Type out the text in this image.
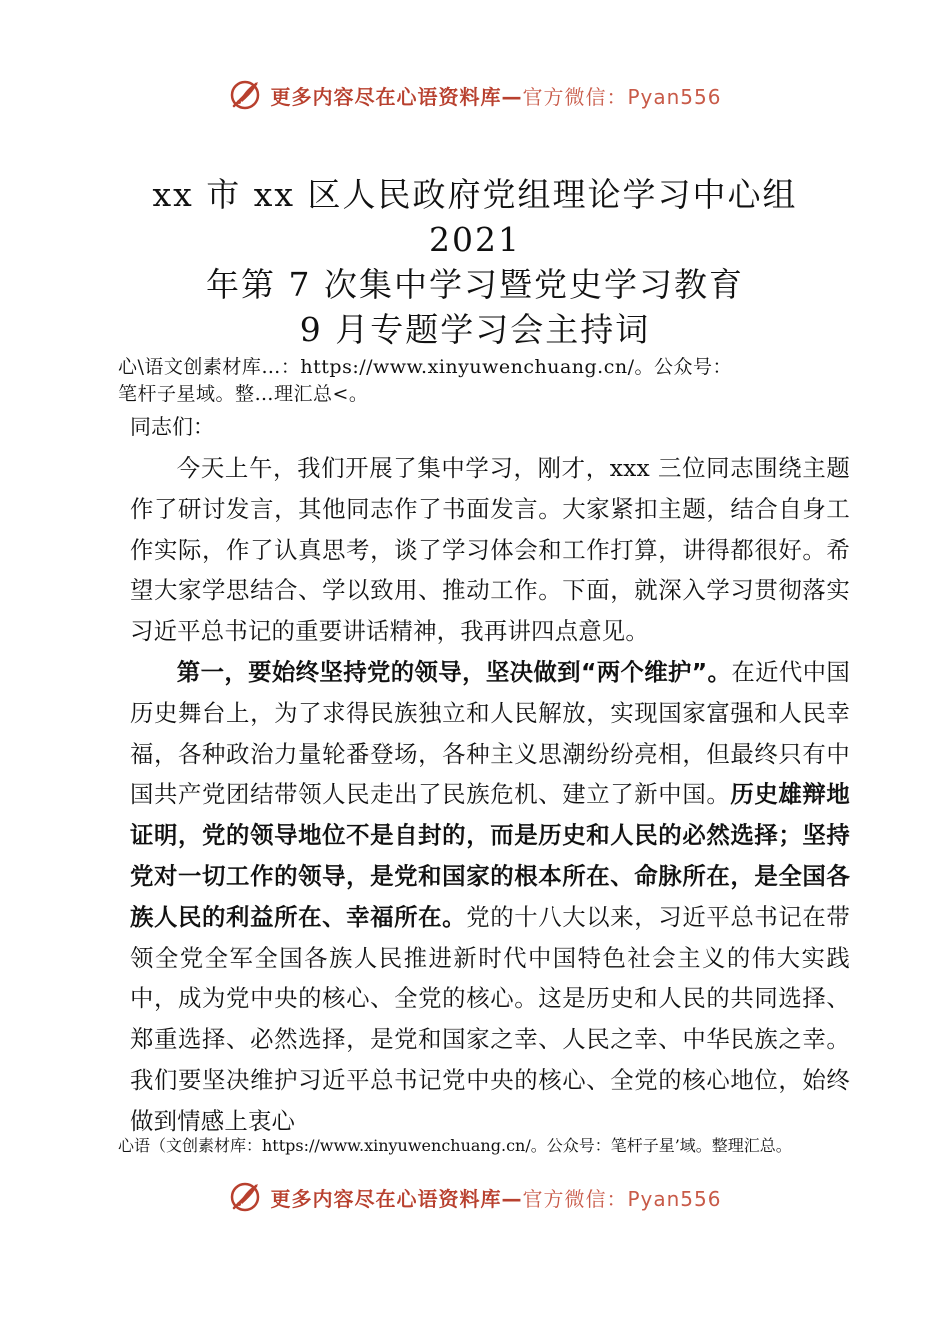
更多内容尽在心语资料库—官方微信：Pyan556
xx 市 xx 区人民政府党组理论学习中心组
2021
年第 7 次集中学习暨党史学习教育
9 月专题学习会主持词
心\语文创素材库…：https://www.xinyuwenchuang.cn/。公众号：
笔杆子星域。整…理汇总<。
同志们：

今天上午，我们开展了集中学习，刚才，xxx 三位同志围绕主题作了研讨发言，其他同志作了书面发言。大家紧扣主题，结合自身工作实际，作了认真思考，谈了学习体会和工作打算，讲得都很好。希望大家学思结合、学以致用、推动工作。下面，就深入学习贯彻落实习近平总书记的重要讲话精神，我再讲四点意见。

第一，要始终坚持党的领导，坚决做到“两个维护”。在近代中国历史舞台上，为了求得民族独立和人民解放，实现国家富强和人民幸福，各种政治力量轮番登场，各种主义思潮纷纷亮相，但最终只有中国共产党团结带领人民走出了民族危机、建立了新中国。历史雄辩地证明，党的领导地位不是自封的，而是历史和人民的必然选择；坚持党对一切工作的领导，是党和国家的根本所在、命脉所在，是全国各族人民的利益所在、幸福所在。党的十八大以来，习近平总书记在带领全党全军全国各族人民推进新时代中国特色社会主义的伟大实践中，成为党中央的核心、全党的核心。这是历史和人民的共同选择、郑重选择、必然选择，是党和国家之幸、人民之幸、中华民族之幸。我们要坚决维护习近平总书记党中央的核心、全党的核心地位，始终做到情感上衷心

心语（文创素材库：https://www.xinyuwenchuang.cn/。公众号：笔杆子星’域。整理汇总。
更多内容尽在心语资料库—官方微信：Pyan556
